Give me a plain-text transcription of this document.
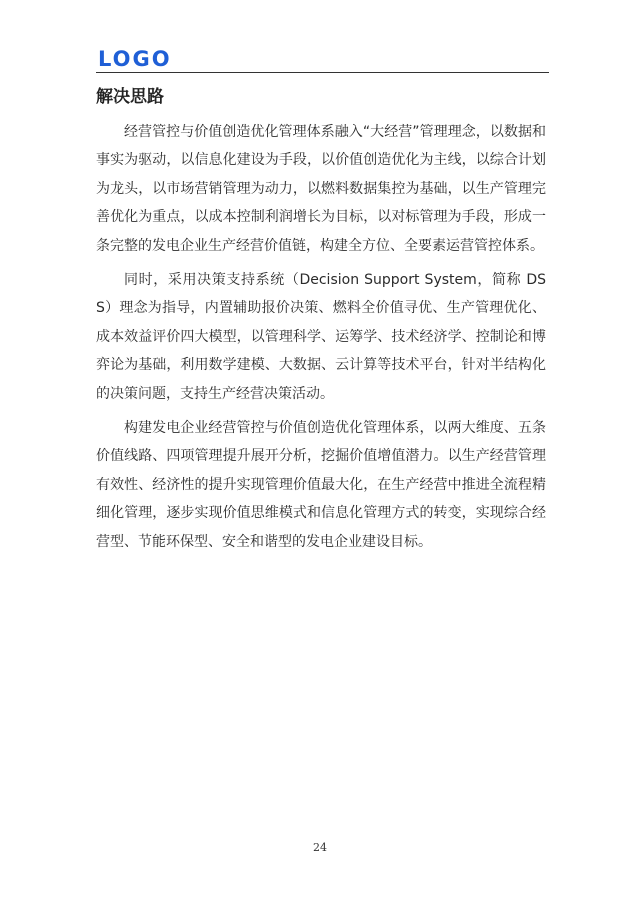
LOGO
解决思路

经营管控与价值创造优化管理体系融入“大经营”管理理念，以数据和事实为驱动，以信息化建设为手段，以价值创造优化为主线，以综合计划为龙头，以市场营销管理为动力，以燃料数据集控为基础，以生产管理完善优化为重点，以成本控制利润增长为目标，以对标管理为手段，形成一条完整的发电企业生产经营价值链，构建全方位、全要素运营管控体系。

同时，采用决策支持系统（Decision Support System，简称 DSS）理念为指导，内置辅助报价决策、燃料全价值寻优、生产管理优化、成本效益评价四大模型，以管理科学、运筹学、技术经济学、控制论和博弈论为基础，利用数学建模、大数据、云计算等技术平台，针对半结构化的决策问题，支持生产经营决策活动。

构建发电企业经营管控与价值创造优化管理体系，以两大维度、五条价值线路、四项管理提升展开分析，挖掘价值增值潜力。以生产经营管理有效性、经济性的提升实现管理价值最大化，在生产经营中推进全流程精细化管理，逐步实现价值思维模式和信息化管理方式的转变，实现综合经营型、节能环保型、安全和谐型的发电企业建设目标。

24
